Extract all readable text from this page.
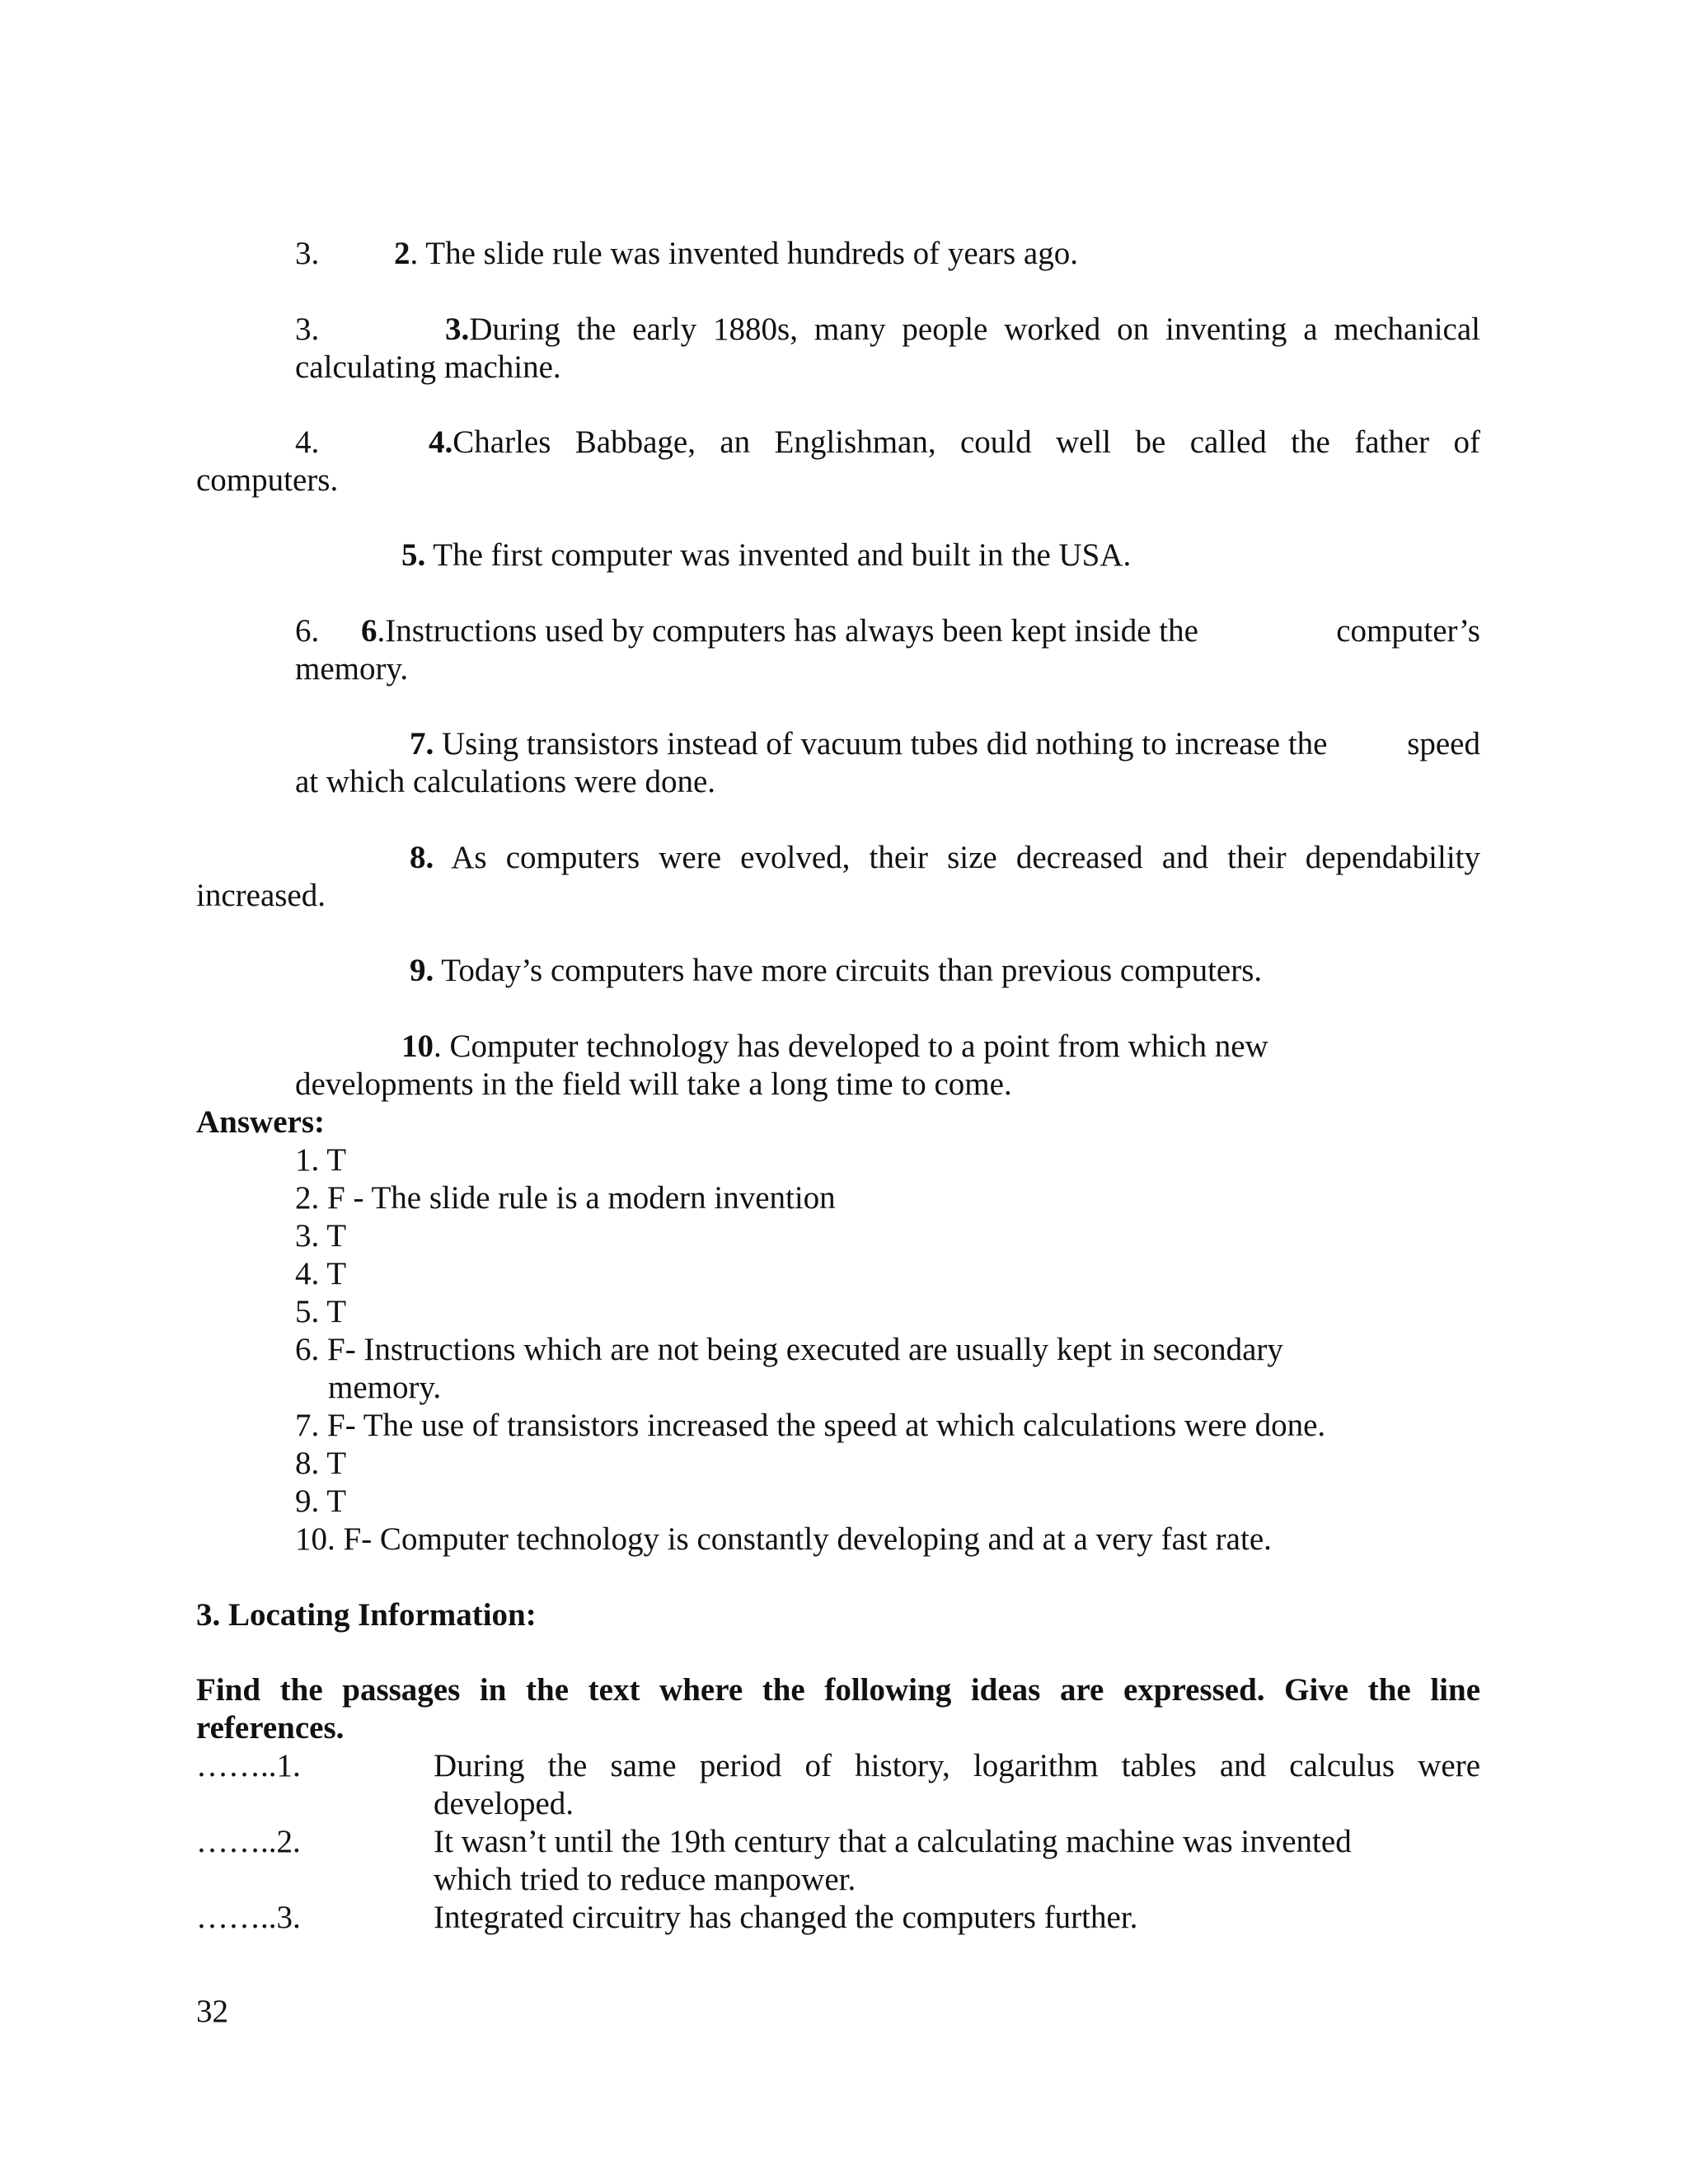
3. 2. The slide rule was invented hundreds of years ago.
3.	3.During the early 1880s, many people worked on inventing a mechanical
calculating machine.
4.	4.Charles Babbage, an Englishman, could well be called the father of
computers.
5. The first computer was invented and built in the USA.
6. 6.Instructions used by computers has always been kept inside the	computer’s
memory.
7. Using transistors instead of vacuum tubes did nothing to increase the speed
at which calculations were done.
8. As computers were evolved, their size decreased and their dependability
increased.
9. Today’s computers have more circuits than previous computers.
10. Computer technology has developed to a point from which new
developments in the field will take a long time to come.
Answers:
1. T
2. F - The slide rule is a modern invention
3. T
4. T
5. T
6. F- Instructions which are not being executed are usually kept in secondary
memory.
7. F- The use of transistors increased the speed at which calculations were done.
8. T
9. T
10. F- Computer technology is constantly developing and at a very fast rate.
3. Locating Information:
Find the passages in the text where the following ideas are expressed. Give the line
references.
……..1.	During the same period of history, logarithm tables and calculus were
developed.
……..2.	It wasn’t until the 19th century that a calculating machine was invented
which tried to reduce manpower.
……..3.	Integrated circuitry has changed the computers further.
32
